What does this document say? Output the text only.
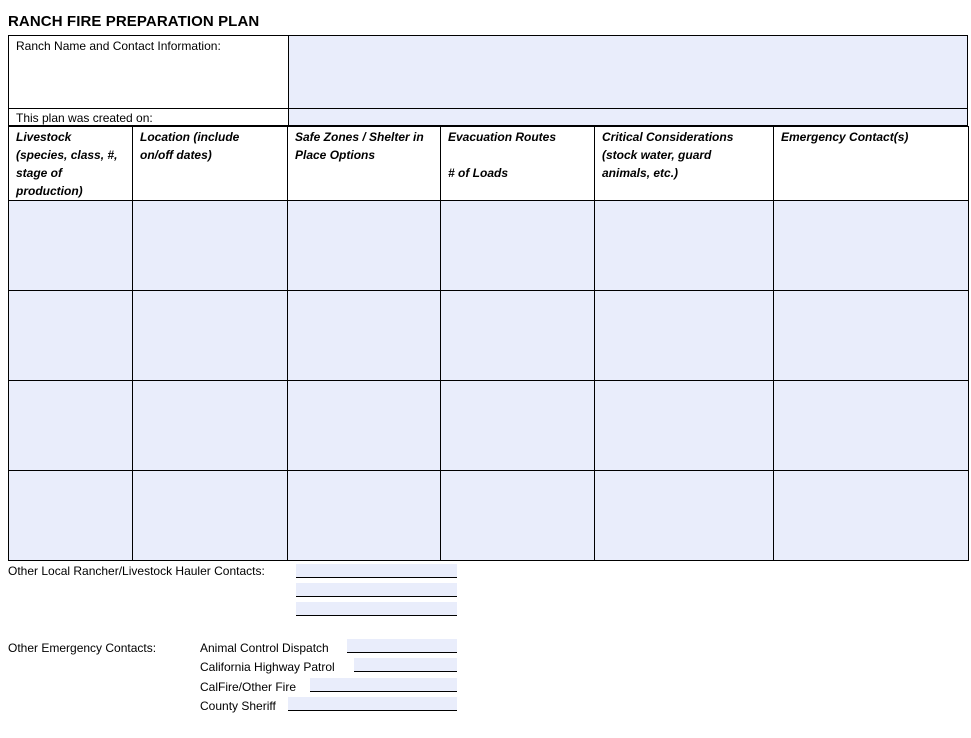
RANCH FIRE PREPARATION PLAN
Ranch Name and Contact Information:
This plan was created on:
Livestock
(species, class, #,
stage of
production)	Location (include
on/off dates)	Safe Zones / Shelter in
Place Options	Evacuation Routes

# of Loads	Critical Considerations
(stock water, guard
animals, etc.)	Emergency Contact(s)

Other Local Rancher/Livestock Hauler Contacts:
Other Emergency Contacts:	Animal Control Dispatch
California Highway Patrol
CalFire/Other Fire
County Sheriff
